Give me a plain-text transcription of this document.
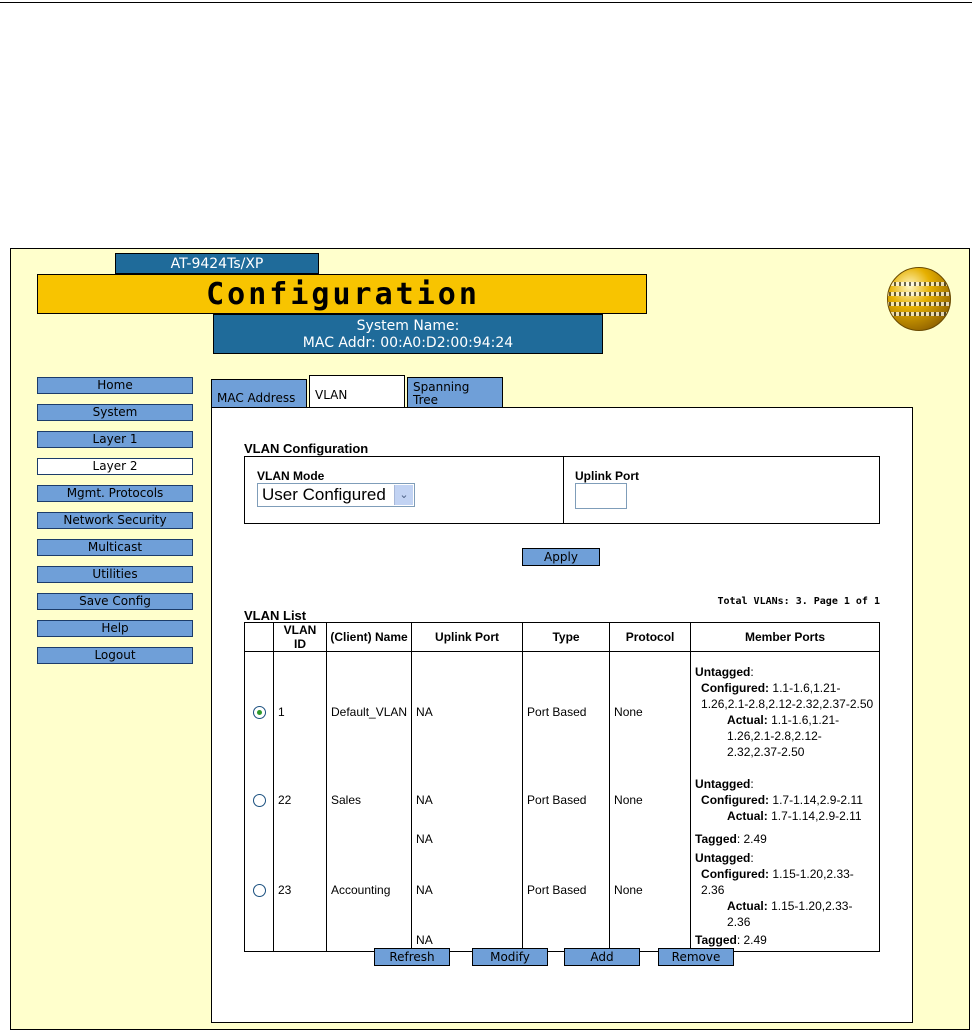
AT-9424Ts/XP
Configuration
System Name:
MAC Addr: 00:A0:D2:00:94:24
Home
System
Layer 1
Layer 2
Mgmt. Protocols
Network Security
Multicast
Utilities
Save Config
Help
Logout
MAC Address	VLAN
Spanning
Tree
VLAN Configuration
VLAN Mode
User Configured	⌄
Uplink Port
Apply
Total VLANs: 3. Page 1 of 1
VLAN List
	VLAN ID	(Client) Name	Uplink Port	Type	Protocol	Member Ports
	1	Default_VLAN	NA	Port Based	None	Untagged:
Configured: 1.1-1.6,1.21-1.26,2.1-2.8,2.12-2.32,2.37-2.50
Actual: 1.1-1.6,1.21-1.26,2.1-2.8,2.12-2.32,2.37-2.50

	22	Sales	NA	Port Based	None	Untagged:
Configured: 1.7-1.14,2.9-2.11
Actual: 1.7-1.14,2.9-2.11

			NA			Tagged: 2.49
	23	Accounting	NA	Port Based	None	Untagged:
Configured: 1.15-1.20,2.33-2.36
Actual: 1.15-1.20,2.33-2.36

			NA			Tagged: 2.49
Refresh	Modify	Add	Remove
